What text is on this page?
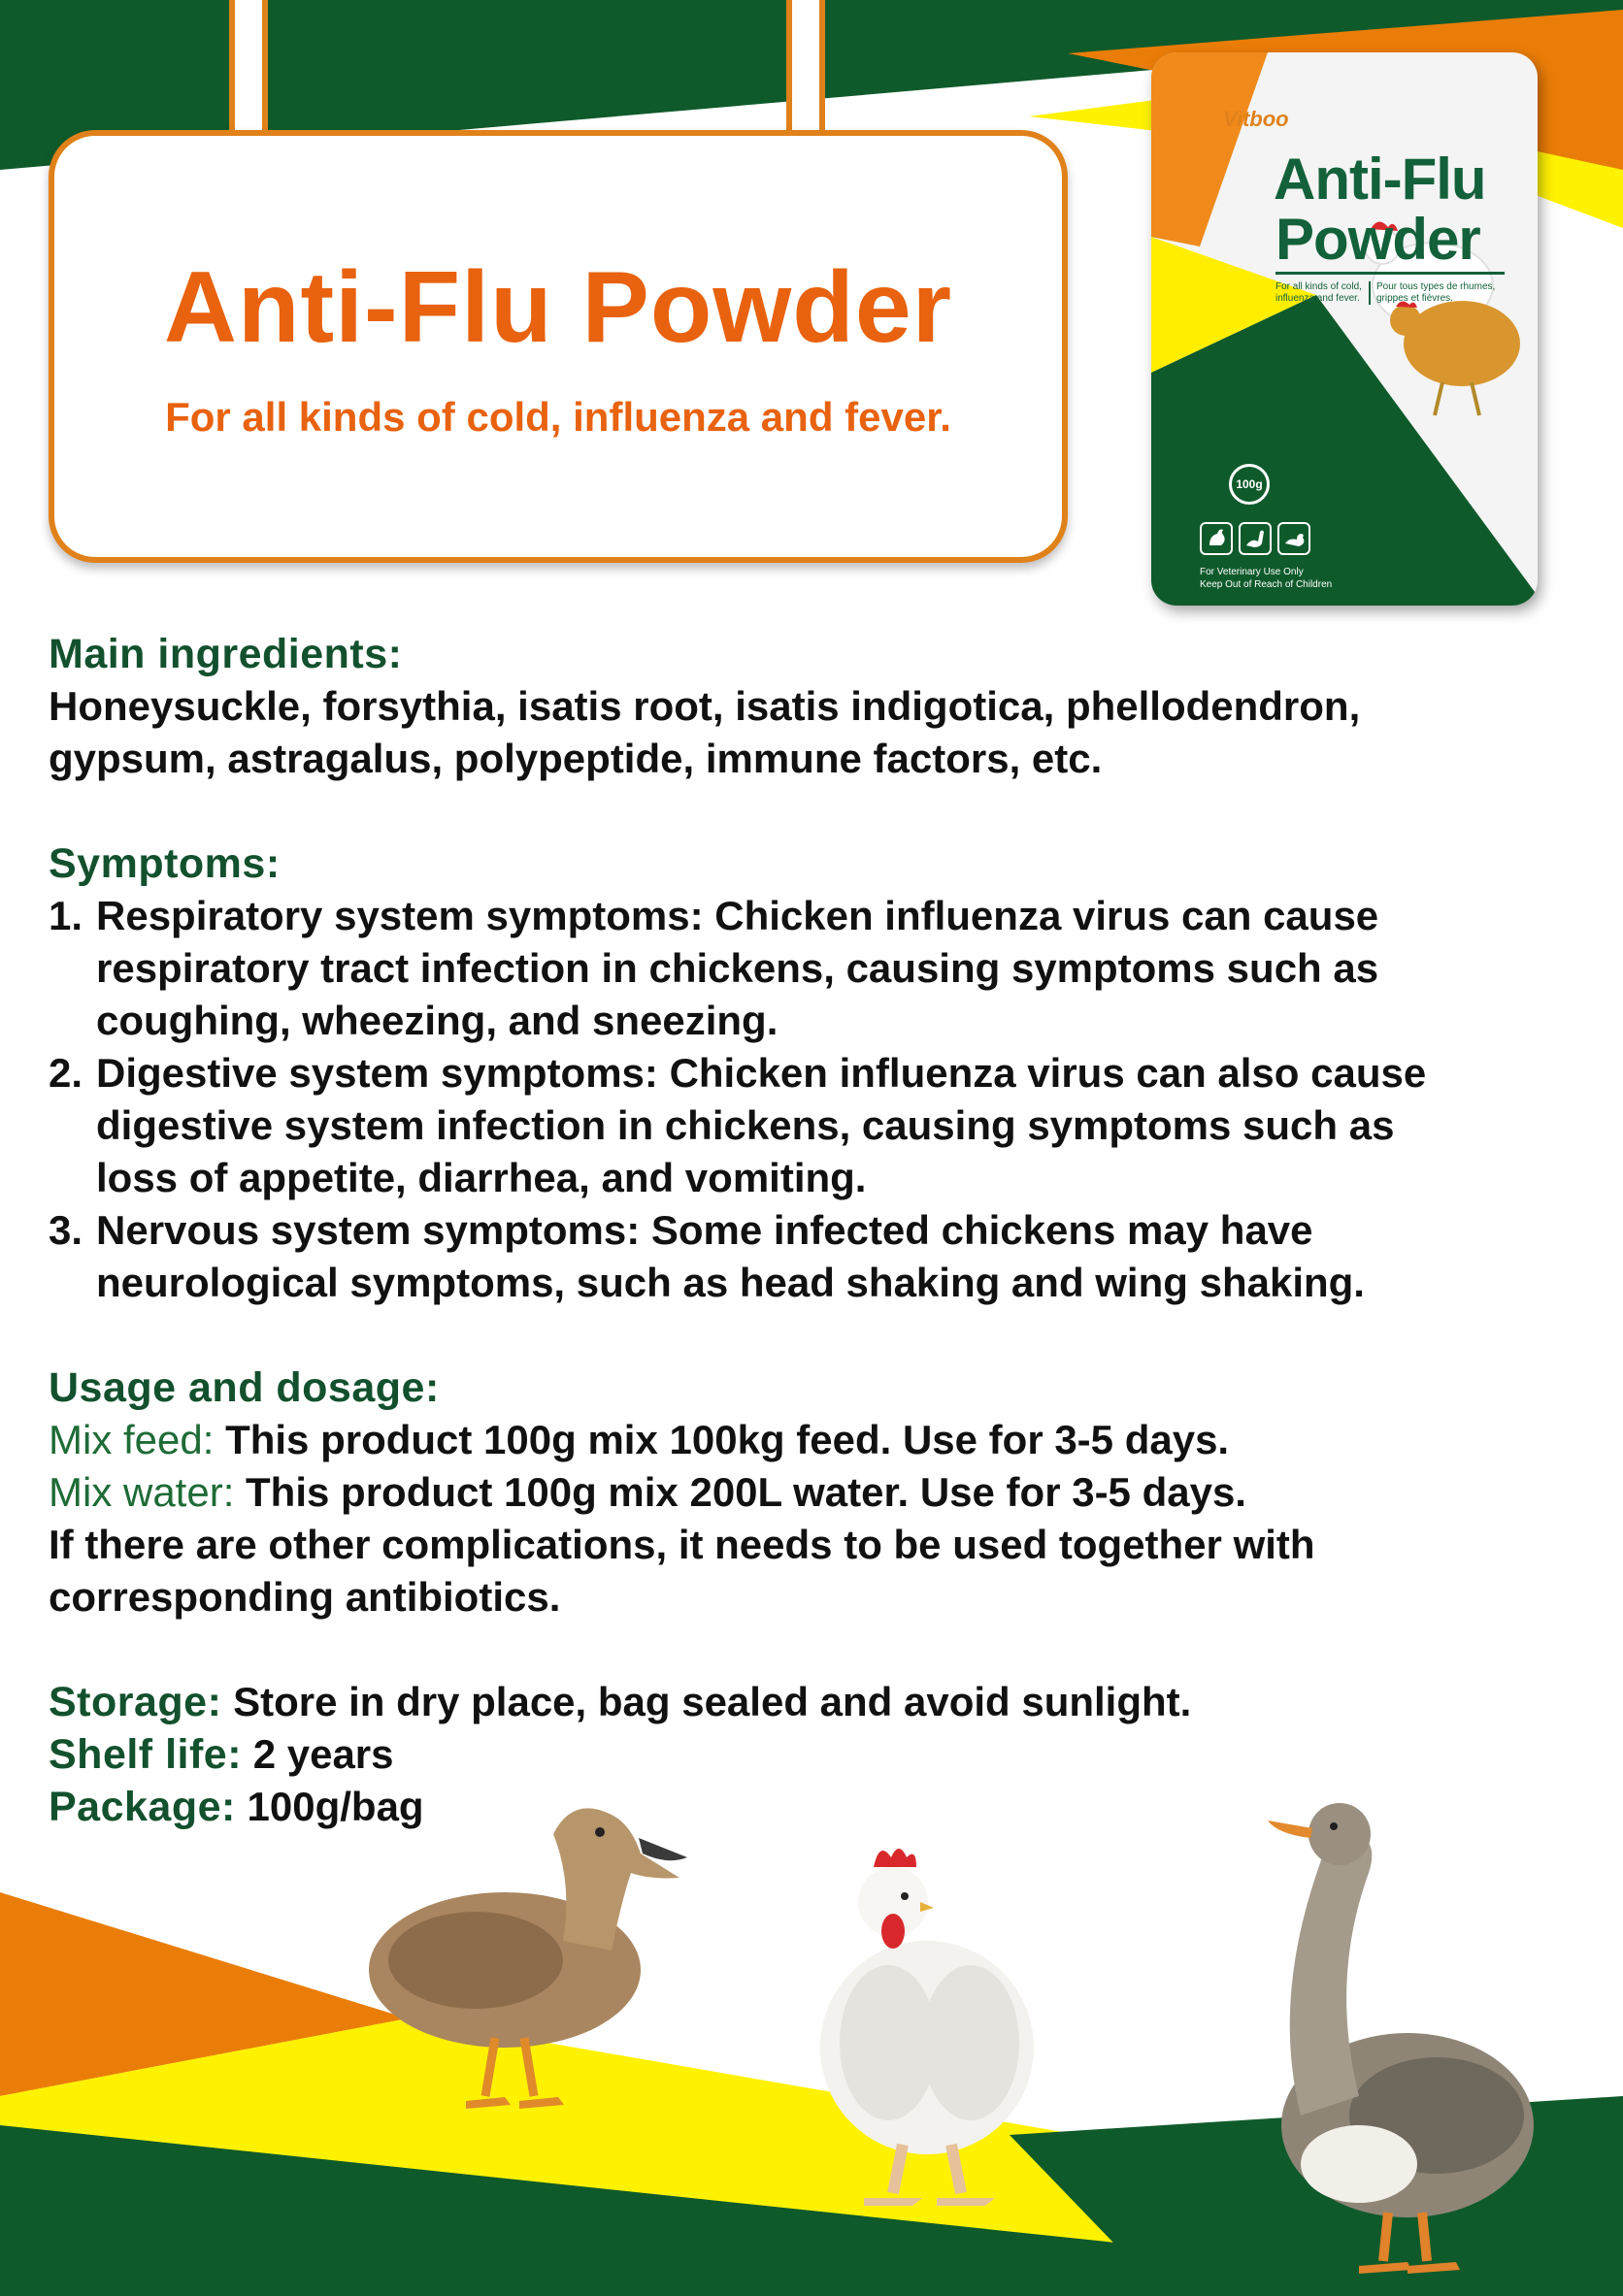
Anti-Flu Powder
For all kinds of cold, influenza and fever.
Vitboo
Anti-Flu
Powder
For all kinds of cold, influenza and fever.
Pour tous types de rhumes, grippes et fièvres.
100g
For Veterinary Use Only
Keep Out of Reach of Children
Main ingredients:
Honeysuckle, forsythia, isatis root, isatis indigotica, phellodendron,
gypsum, astragalus, polypeptide, immune factors, etc.
Symptoms:
1. Respiratory system symptoms: Chicken influenza virus can cause
respiratory tract infection in chickens, causing symptoms such as
coughing, wheezing, and sneezing.
2. Digestive system symptoms: Chicken influenza virus can also cause
digestive system infection in chickens, causing symptoms such as
loss of appetite, diarrhea, and vomiting.
3. Nervous system symptoms: Some infected chickens may have
neurological symptoms, such as head shaking and wing shaking.
Usage and dosage:
Mix feed: This product 100g mix 100kg feed. Use for 3-5 days.
Mix water: This product 100g mix 200L water. Use for 3-5 days.
If there are other complications, it needs to be used together with
corresponding antibiotics.
Storage: Store in dry place, bag sealed and avoid sunlight.
Shelf life: 2 years
Package: 100g/bag
